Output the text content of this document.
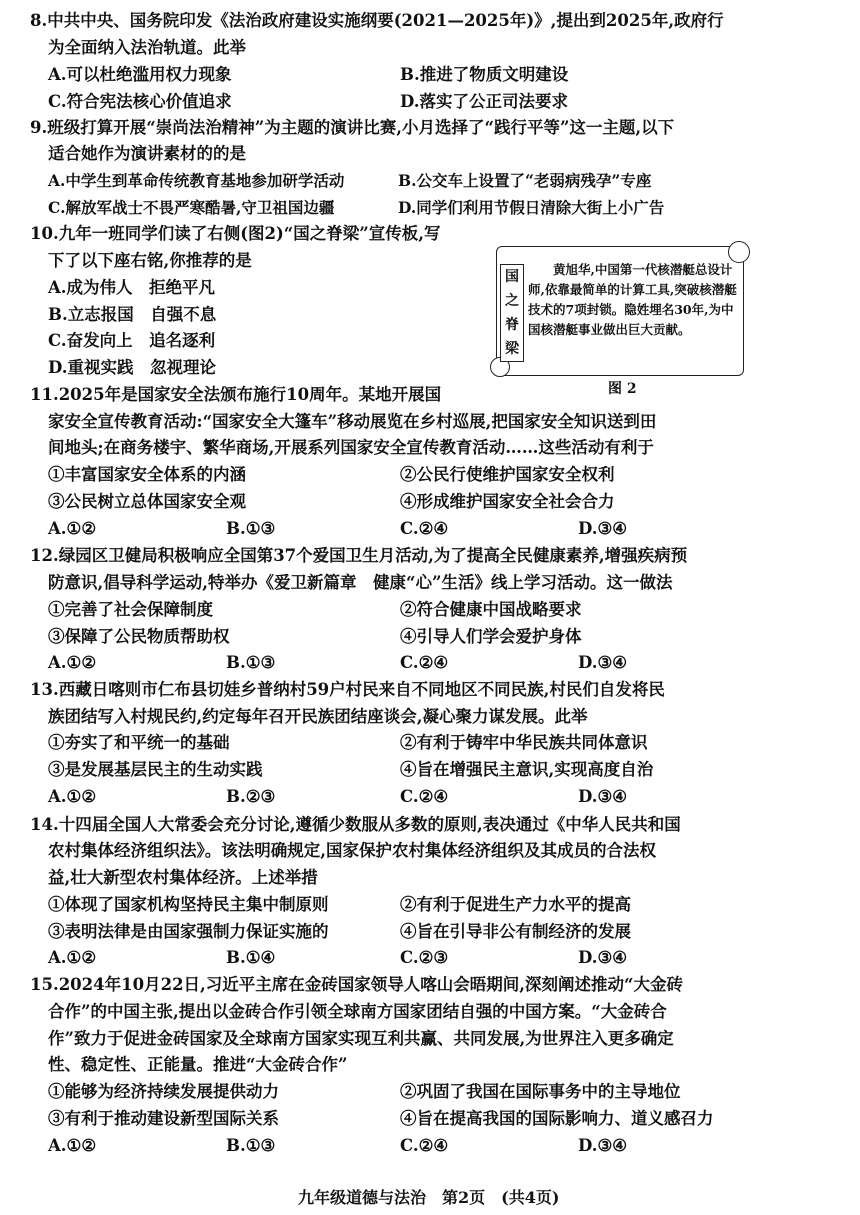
8.中共中央、国务院印发《法治政府建设实施纲要(2021—2025年)》,提出到2025年,政府行
为全面纳入法治轨道。此举
A.可以杜绝滥用权力现象	B.推进了物质文明建设
C.符合宪法核心价值追求	D.落实了公正司法要求
9.班级打算开展“崇尚法治精神”为主题的演讲比赛,小月选择了“践行平等”这一主题,以下
适合她作为演讲素材的的是
A.中学生到革命传统教育基地参加研学活动	B.公交车上设置了“老弱病残孕”专座
C.解放军战士不畏严寒酷暑,守卫祖国边疆	D.同学们利用节假日清除大街上小广告
10.九年一班同学们读了右侧(图2)“国之脊梁”宣传板,写
下了以下座右铭,你推荐的是
A.成为伟人　拒绝平凡
B.立志报国　自强不息
C.奋发向上　追名逐利
D.重视实践　忽视理论
国之脊梁
黄旭华,中国第一代核潜艇总设计师,依靠最简单的计算工具,突破核潜艇技术的7项封锁。隐姓埋名30年,为中国核潜艇事业做出巨大贡献。
图 2
11.2025年是国家安全法颁布施行10周年。某地开展国
家安全宣传教育活动:“国家安全大篷车”移动展览在乡村巡展,把国家安全知识送到田
间地头;在商务楼宇、繁华商场,开展系列国家安全宣传教育活动……这些活动有利于
①丰富国家安全体系的内涵	②公民行使维护国家安全权利
③公民树立总体国家安全观	④形成维护国家安全社会合力
A.①②	B.①③	C.②④	D.③④
12.绿园区卫健局积极响应全国第37个爱国卫生月活动,为了提高全民健康素养,增强疾病预
防意识,倡导科学运动,特举办《爱卫新篇章　健康“心”生活》线上学习活动。这一做法
①完善了社会保障制度	②符合健康中国战略要求
③保障了公民物质帮助权	④引导人们学会爱护身体
A.①②	B.①③	C.②④	D.③④
13.西藏日喀则市仁布县切娃乡普纳村59户村民来自不同地区不同民族,村民们自发将民
族团结写入村规民约,约定每年召开民族团结座谈会,凝心聚力谋发展。此举
①夯实了和平统一的基础	②有利于铸牢中华民族共同体意识
③是发展基层民主的生动实践	④旨在增强民主意识,实现高度自治
A.①②	B.②③	C.②④	D.③④
14.十四届全国人大常委会充分讨论,遵循少数服从多数的原则,表决通过《中华人民共和国
农村集体经济组织法》。该法明确规定,国家保护农村集体经济组织及其成员的合法权
益,壮大新型农村集体经济。上述举措
①体现了国家机构坚持民主集中制原则	②有利于促进生产力水平的提高
③表明法律是由国家强制力保证实施的	④旨在引导非公有制经济的发展
A.①②	B.①④	C.②③	D.③④
15.2024年10月22日,习近平主席在金砖国家领导人喀山会晤期间,深刻阐述推动“大金砖
合作”的中国主张,提出以金砖合作引领全球南方国家团结自强的中国方案。“大金砖合
作”致力于促进金砖国家及全球南方国家实现互利共赢、共同发展,为世界注入更多确定
性、稳定性、正能量。推进“大金砖合作”
①能够为经济持续发展提供动力	②巩固了我国在国际事务中的主导地位
③有利于推动建设新型国际关系	④旨在提高我国的国际影响力、道义感召力
A.①②	B.①③	C.②④	D.③④
九年级道德与法治　第2页　(共4页)
